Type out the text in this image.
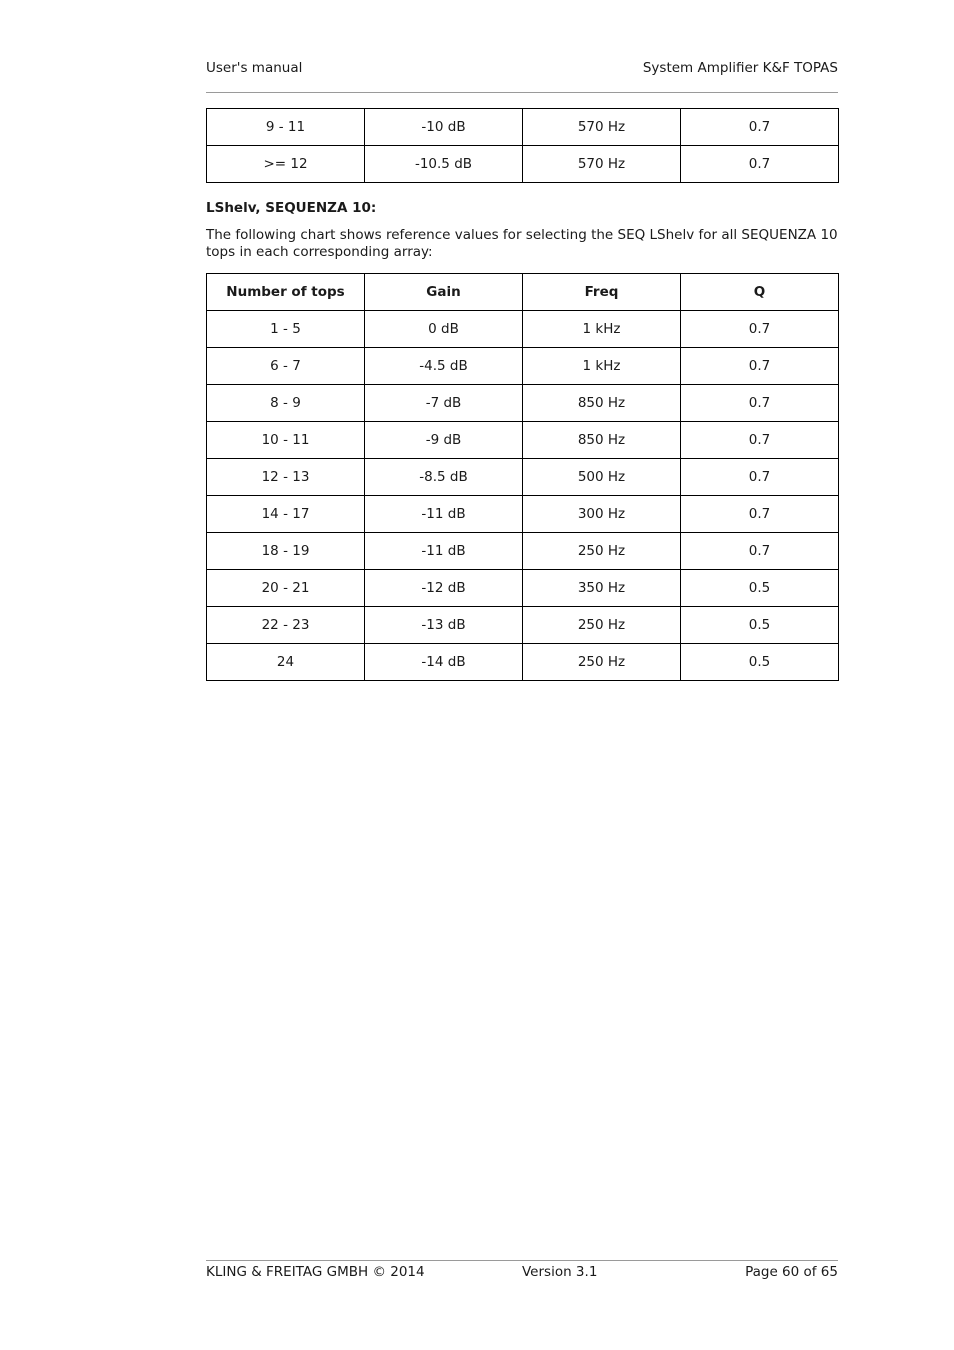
User's manual	System Amplifier K&F TOPAS
9 - 11	-10 dB	570 Hz	0.7
>= 12	-10.5 dB	570 Hz	0.7
LShelv, SEQUENZA 10:
The following chart shows reference values for selecting the SEQ LShelv for all SEQUENZA 10 tops in each corresponding array:
Number of tops	Gain	Freq	Q
1 - 5	0 dB	1 kHz	0.7
6 - 7	-4.5 dB	1 kHz	0.7
8 - 9	-7 dB	850 Hz	0.7
10 - 11	-9 dB	850 Hz	0.7
12 - 13	-8.5 dB	500 Hz	0.7
14 - 17	-11 dB	300 Hz	0.7
18 - 19	-11 dB	250 Hz	0.7
20 - 21	-12 dB	350 Hz	0.5
22 - 23	-13 dB	250 Hz	0.5
24	-14 dB	250 Hz	0.5
KLING & FREITAG GMBH © 2014	Version 3.1	Page 60 of 65
